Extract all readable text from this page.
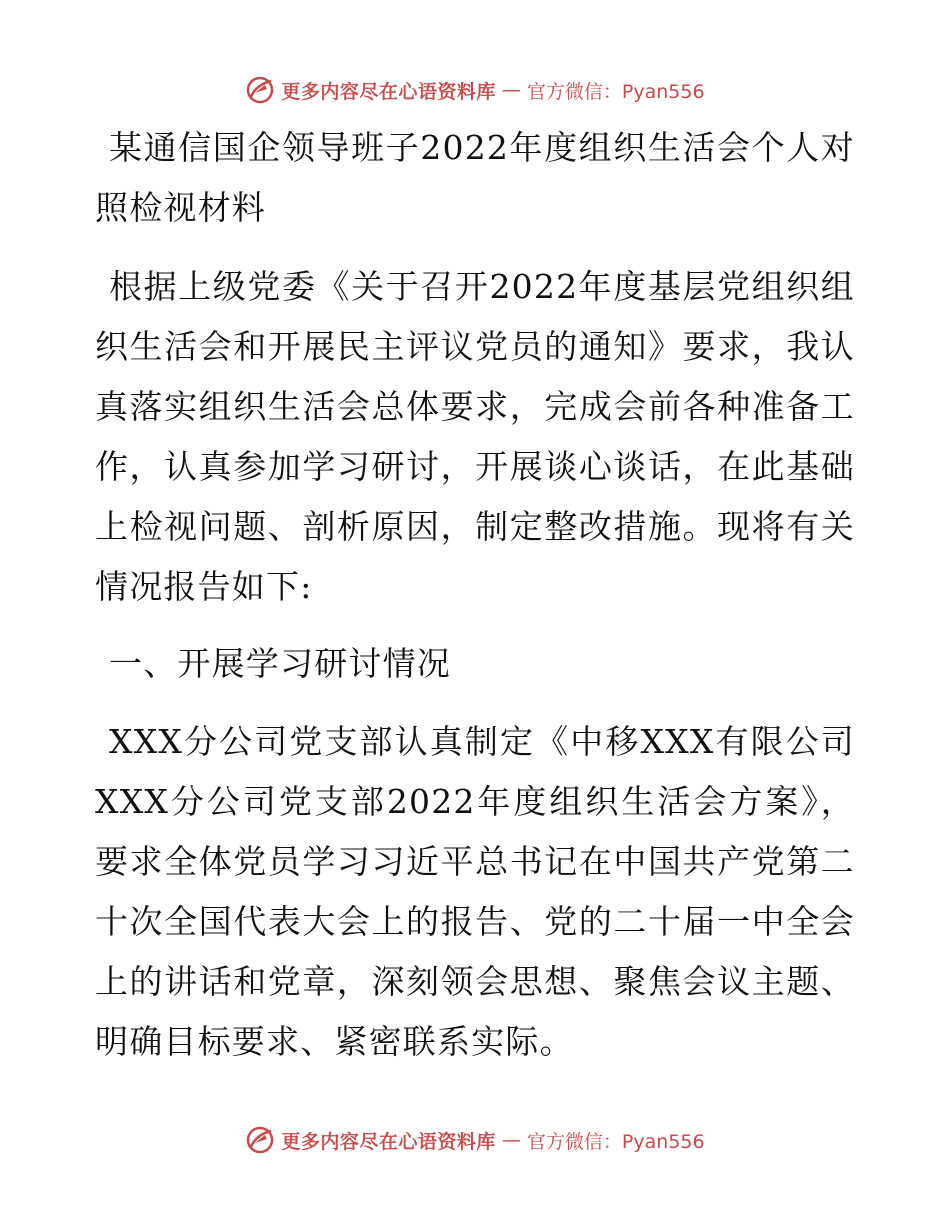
更多内容尽在心语资料库 — 官方微信：Pyan556

某通信国企领导班子2022年度组织生活会个人对照检视材料

根据上级党委《关于召开2022年度基层党组织组织生活会和开展民主评议党员的通知》要求，我认真落实组织生活会总体要求，完成会前各种准备工作，认真参加学习研讨，开展谈心谈话，在此基础上检视问题、剖析原因，制定整改措施。现将有关情况报告如下:

一、开展学习研讨情况

XXX分公司党支部认真制定《中移XXX有限公司XXX分公司党支部2022年度组织生活会方案》，要求全体党员学习习近平总书记在中国共产党第二十次全国代表大会上的报告、党的二十届一中全会上的讲话和党章，深刻领会思想、聚焦会议主题、明确目标要求、紧密联系实际。

更多内容尽在心语资料库 — 官方微信：Pyan556
